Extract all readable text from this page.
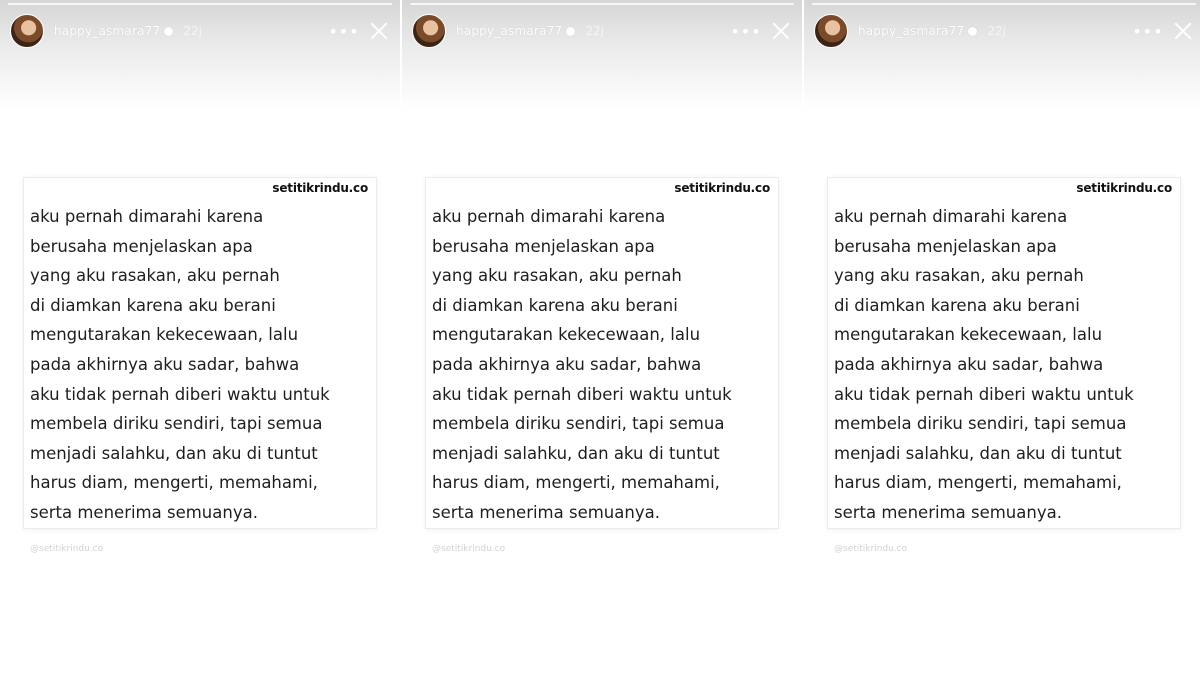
happy_asmara77 22j	•••
setitikrindu.co
aku pernah dimarahi karena
berusaha menjelaskan apa
yang aku rasakan, aku pernah
di diamkan karena aku berani
mengutarakan kekecewaan, lalu
pada akhirnya aku sadar, bahwa
aku tidak pernah diberi waktu untuk
membela diriku sendiri, tapi semua
menjadi salahku, dan aku di tuntut
harus diam, mengerti, memahami,
serta menerima semuanya.
@setitikrindu.co
happy_asmara77 22j	•••
setitikrindu.co
aku pernah dimarahi karena
berusaha menjelaskan apa
yang aku rasakan, aku pernah
di diamkan karena aku berani
mengutarakan kekecewaan, lalu
pada akhirnya aku sadar, bahwa
aku tidak pernah diberi waktu untuk
membela diriku sendiri, tapi semua
menjadi salahku, dan aku di tuntut
harus diam, mengerti, memahami,
serta menerima semuanya.
@setitikrindu.co
happy_asmara77 22j	•••
setitikrindu.co
aku pernah dimarahi karena
berusaha menjelaskan apa
yang aku rasakan, aku pernah
di diamkan karena aku berani
mengutarakan kekecewaan, lalu
pada akhirnya aku sadar, bahwa
aku tidak pernah diberi waktu untuk
membela diriku sendiri, tapi semua
menjadi salahku, dan aku di tuntut
harus diam, mengerti, memahami,
serta menerima semuanya.
@setitikrindu.co
